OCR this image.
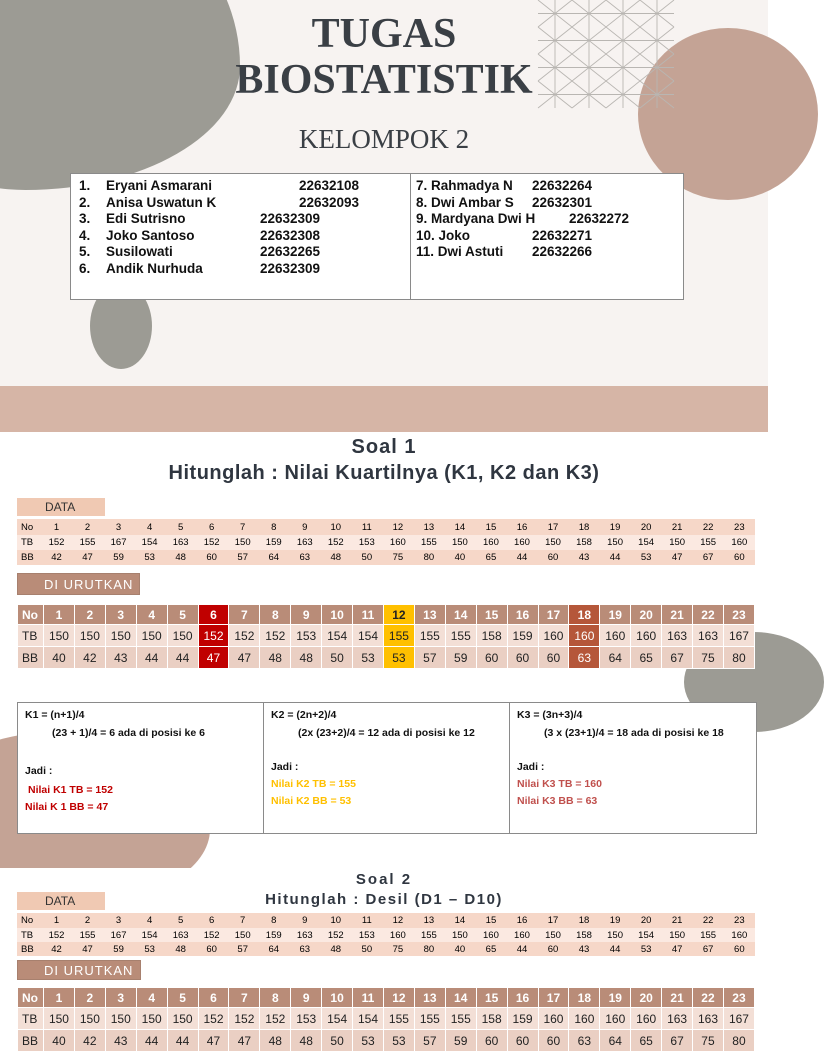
TUGAS
BIOSTATISTIK
KELOMPOK 2
1. Eryani Asmarani	22632108
2. Anisa Uswatun K	22632093
3. Edi Sutrisno	22632309
4. Joko Santoso	22632308
5. Susilowati	22632265
6. Andik Nurhuda	22632309
7. Rahmadya N 22632264
8. Dwi Ambar S 22632301
9. Mardyana Dwi H 22632272
10. Joko	22632271
11. Dwi Astuti 22632266
Soal 1
Hitunglah : Nilai Kuartilnya (K1, K2 dan K3)
DATA
No	1	2	3	4	5	6	7	8	9	10	11	12	13	14	15	16	17	18	19	20	21	22	23
TB	152	155	167	154	163	152	150	159	163	152	153	160	155	150	160	160	150	158	150	154	150	155	160
BB	42	47	59	53	48	60	57	64	63	48	50	75	80	40	65	44	60	43	44	53	47	67	60
DI URUTKAN
No	1	2	3	4	5	6	7	8	9	10	11	12	13	14	15	16	17	18	19	20	21	22	23
TB	150	150	150	150	150	152	152	152	153	154	154	155	155	155	158	159	160	160	160	160	163	163	167
BB	40	42	43	44	44	47	47	48	48	50	53	53	57	59	60	60	60	63	64	65	67	75	80
K1 = (n+1)/4
(23 + 1)/4 = 6 ada di posisi ke 6
Jadi :
Nilai K1 TB = 152
Nilai K 1 BB = 47
K2 = (2n+2)/4
(2x (23+2)/4 = 12 ada di posisi ke 12
Jadi :
Nilai K2 TB = 155
Nilai K2 BB = 53
K3 = (3n+3)/4
(3 x (23+1)/4 = 18 ada di posisi ke 18
Jadi :
Nilai K3 TB = 160
Nilai K3 BB = 63
Soal 2
Hitunglah : Desil (D1 – D10)
DATA
No	1	2	3	4	5	6	7	8	9	10	11	12	13	14	15	16	17	18	19	20	21	22	23
TB	152	155	167	154	163	152	150	159	163	152	153	160	155	150	160	160	150	158	150	154	150	155	160
BB	42	47	59	53	48	60	57	64	63	48	50	75	80	40	65	44	60	43	44	53	47	67	60
DI URUTKAN
No	1	2	3	4	5	6	7	8	9	10	11	12	13	14	15	16	17	18	19	20	21	22	23
TB	150	150	150	150	150	152	152	152	153	154	154	155	155	155	158	159	160	160	160	160	163	163	167
BB	40	42	43	44	44	47	47	48	48	50	53	53	57	59	60	60	60	63	64	65	67	75	80
